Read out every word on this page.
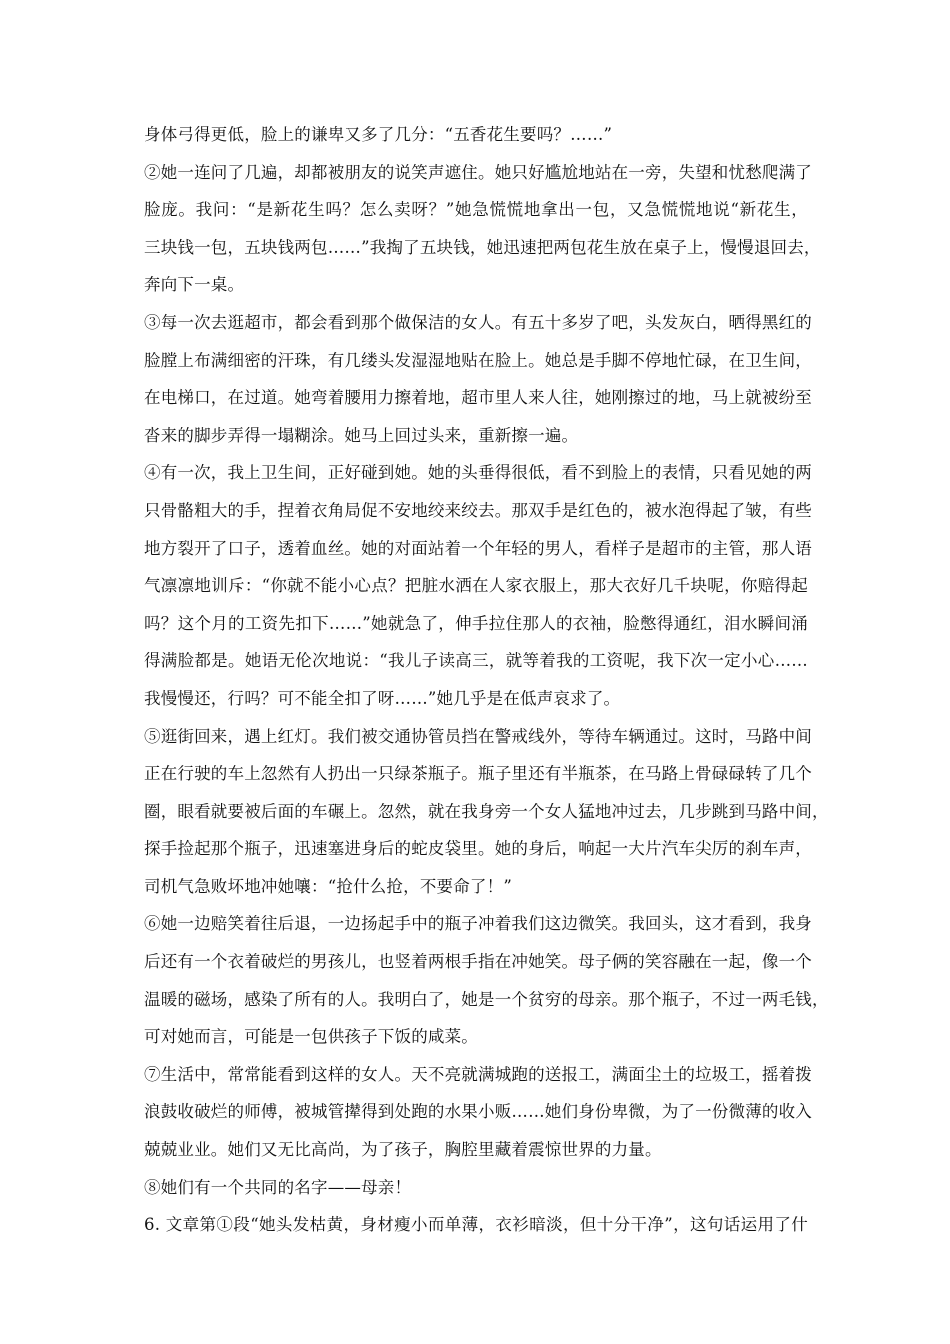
身体弓得更低，脸上的谦卑又多了几分：“五香花生要吗？……”
②她一连问了几遍，却都被朋友的说笑声遮住。她只好尴尬地站在一旁，失望和忧愁爬满了
脸庞。我问：“是新花生吗？怎么卖呀？”她急慌慌地拿出一包，又急慌慌地说“新花生，
三块钱一包，五块钱两包……”我掏了五块钱，她迅速把两包花生放在桌子上，慢慢退回去，
奔向下一桌。
③每一次去逛超市，都会看到那个做保洁的女人。有五十多岁了吧，头发灰白，晒得黑红的
脸膛上布满细密的汗珠，有几缕头发湿湿地贴在脸上。她总是手脚不停地忙碌，在卫生间，
在电梯口，在过道。她弯着腰用力擦着地，超市里人来人往，她刚擦过的地，马上就被纷至
沓来的脚步弄得一塌糊涂。她马上回过头来，重新擦一遍。
④有一次，我上卫生间，正好碰到她。她的头垂得很低，看不到脸上的表情，只看见她的两
只骨骼粗大的手，捏着衣角局促不安地绞来绞去。那双手是红色的，被水泡得起了皱，有些
地方裂开了口子，透着血丝。她的对面站着一个年轻的男人，看样子是超市的主管，那人语
气凛凛地训斥：“你就不能小心点？把脏水洒在人家衣服上，那大衣好几千块呢，你赔得起
吗？这个月的工资先扣下……”她就急了，伸手拉住那人的衣袖，脸憋得通红，泪水瞬间涌
得满脸都是。她语无伦次地说：“我儿子读高三，就等着我的工资呢，我下次一定小心……
我慢慢还，行吗？可不能全扣了呀……”她几乎是在低声哀求了。
⑤逛街回来，遇上红灯。我们被交通协管员挡在警戒线外，等待车辆通过。这时，马路中间
正在行驶的车上忽然有人扔出一只绿茶瓶子。瓶子里还有半瓶茶，在马路上骨碌碌转了几个
圈，眼看就要被后面的车碾上。忽然，就在我身旁一个女人猛地冲过去，几步跳到马路中间，
探手捡起那个瓶子，迅速塞进身后的蛇皮袋里。她的身后，响起一大片汽车尖厉的刹车声，
司机气急败坏地冲她嚷：“抢什么抢，不要命了！”
⑥她一边赔笑着往后退，一边扬起手中的瓶子冲着我们这边微笑。我回头，这才看到，我身
后还有一个衣着破烂的男孩儿，也竖着两根手指在冲她笑。母子俩的笑容融在一起，像一个
温暖的磁场，感染了所有的人。我明白了，她是一个贫穷的母亲。那个瓶子，不过一两毛钱，
可对她而言，可能是一包供孩子下饭的咸菜。
⑦生活中，常常能看到这样的女人。天不亮就满城跑的送报工，满面尘土的垃圾工，摇着拨
浪鼓收破烂的师傅，被城管撵得到处跑的水果小贩……她们身份卑微，为了一份微薄的收入
兢兢业业。她们又无比高尚，为了孩子，胸腔里藏着震惊世界的力量。
⑧她们有一个共同的名字——母亲！
6. 文章第①段“她头发枯黄，身材瘦小而单薄，衣衫暗淡，但十分干净”，这句话运用了什
